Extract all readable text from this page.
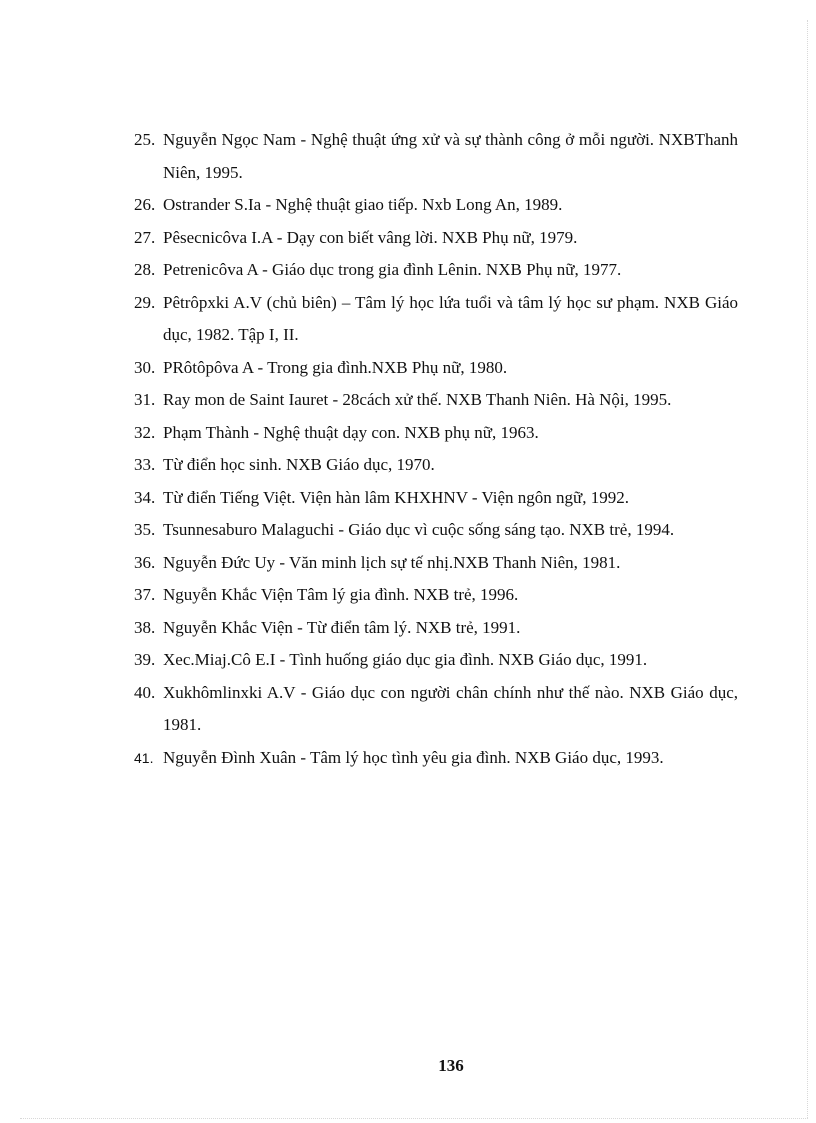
25. Nguyễn Ngọc Nam - Nghệ thuật ứng xử và sự thành công ở mỗi người. NXBThanh Niên, 1995.
26. Ostrander S.Ia - Nghệ thuật giao tiếp. Nxb Long An, 1989.
27. Pêsecnicôva I.A - Dạy con biết vâng lời. NXB Phụ nữ, 1979.
28. Petrenicôva A - Giáo dục trong gia đình Lênin. NXB Phụ nữ, 1977.
29. Pêtrôpxki A.V (chủ biên) – Tâm lý học lứa tuổi và tâm lý học sư phạm. NXB Giáo dục, 1982. Tập I, II.
30. PRôtôpôva A - Trong gia đình.NXB Phụ nữ, 1980.
31. Ray mon de Saint Iauret - 28cách xử thế. NXB Thanh Niên. Hà Nội, 1995.
32. Phạm Thành - Nghệ thuật dạy con. NXB phụ nữ, 1963.
33. Từ điển học sinh. NXB Giáo dục, 1970.
34. Từ điển Tiếng Việt. Viện hàn lâm KHXHNV - Viện ngôn ngữ, 1992.
35. Tsunnesaburo Malaguchi - Giáo dục vì cuộc sống sáng tạo. NXB trẻ, 1994.
36. Nguyễn Đức Uy - Văn minh lịch sự tế nhị.NXB Thanh Niên, 1981.
37. Nguyễn Khắc Viện Tâm lý gia đình. NXB trẻ, 1996.
38. Nguyễn Khắc Viện - Từ điển tâm lý. NXB trẻ, 1991.
39. Xec.Miaj.Cô E.I - Tình huống giáo dục gia đình. NXB Giáo dục, 1991.
40. Xukhômlinxki A.V - Giáo dục con người chân chính như thế nào. NXB Giáo dục, 1981.
41. Nguyễn Đình Xuân - Tâm lý học tình yêu gia đình. NXB Giáo dục, 1993.
136
